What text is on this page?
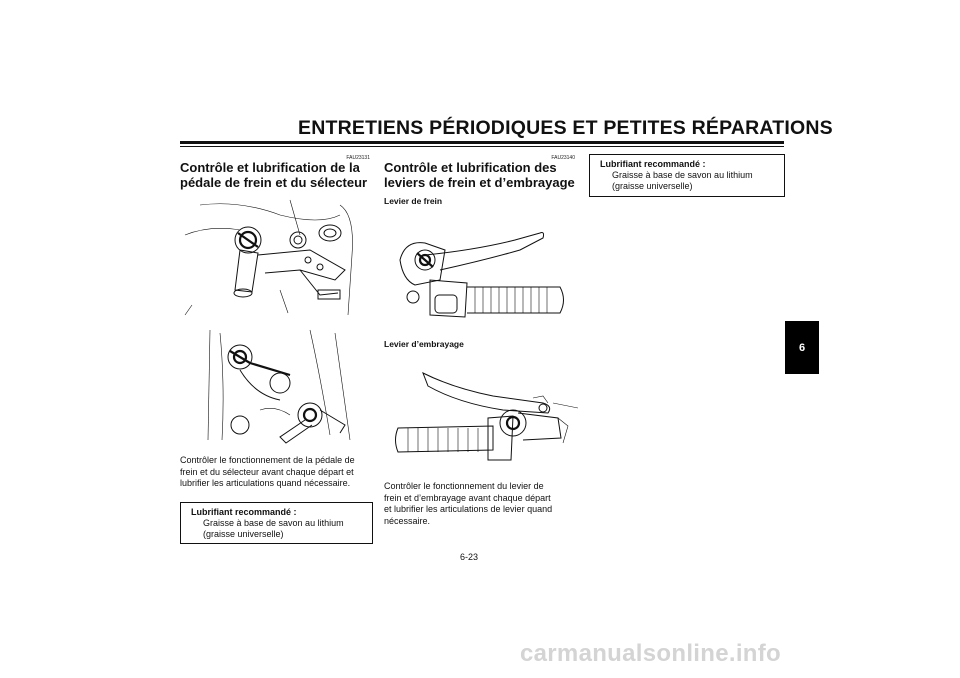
ENTRETIENS PÉRIODIQUES ET PETITES RÉPARATIONS
FAU23131
Contrôle et lubrification de la
pédale de frein et du sélecteur
Contrôler le fonctionnement de la pédale de
frein et du sélecteur avant chaque départ et
lubrifier les articulations quand nécessaire.
Lubrifiant recommandé :
Graisse à base de savon au lithium
(graisse universelle)
FAU23140
Contrôle et lubrification des
leviers de frein et d’embrayage
Levier de frein
Levier d’embrayage
Contrôler le fonctionnement du levier de
frein et d’embrayage avant chaque départ
et lubrifier les articulations de levier quand
nécessaire.
Lubrifiant recommandé :
Graisse à base de savon au lithium
(graisse universelle)
6
6-23
carmanualsonline.info
